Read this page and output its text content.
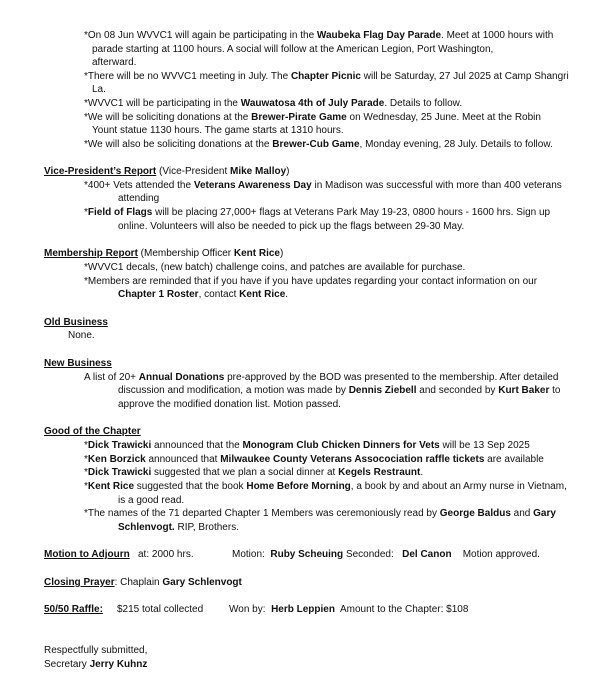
*On 08 Jun WVVC1 will again be participating in the Waubeka Flag Day Parade. Meet at 1000 hours with
parade starting at 1100 hours. A social will follow at the American Legion, Port Washington,
afterward.
*There will be no WVVC1 meeting in July. The Chapter Picnic will be Saturday, 27 Jul 2025 at Camp Shangri
La.
*WVVC1 will be participating in the Wauwatosa 4th of July Parade. Details to follow.
*We will be soliciting donations at the Brewer-Pirate Game on Wednesday, 25 June. Meet at the Robin
Yount statue 1130 hours. The game starts at 1310 hours.
*We will also be soliciting donations at the Brewer-Cub Game, Monday evening, 28 July. Details to follow.
Vice-President’s Report (Vice-President Mike Malloy)
*400+ Vets attended the Veterans Awareness Day in Madison was successful with more than 400 veterans
attending
*Field of Flags will be placing 27,000+ flags at Veterans Park May 19-23, 0800 hours - 1600 hrs. Sign up
online. Volunteers will also be needed to pick up the flags between 29-30 May.
Membership Report (Membership Officer Kent Rice)
*WVVC1 decals, (new batch) challenge coins, and patches are available for purchase.
*Members are reminded that if you have if you have updates regarding your contact information on our
Chapter 1 Roster, contact Kent Rice.
Old Business
None.
New Business
A list of 20+ Annual Donations pre-approved by the BOD was presented to the membership. After detailed
discussion and modification, a motion was made by Dennis Ziebell and seconded by Kurt Baker to
approve the modified donation list. Motion passed.
Good of the Chapter
*Dick Trawicki announced that the Monogram Club Chicken Dinners for Vets will be 13 Sep 2025
*Ken Borzick announced that Milwaukee County Veterans Assocociation raffle tickets are available
*Dick Trawicki suggested that we plan a social dinner at Kegels Restraunt.
*Kent Rice suggested that the book Home Before Morning, a book by and about an Army nurse in Vietnam,
is a good read.
*The names of the 71 departed Chapter 1 Members was ceremoniously read by George Baldus and Gary
Schlenvogt. RIP, Brothers.
Motion to Adjourn at: 2000 hrs.	Motion: Ruby Scheuing Seconded: Del Canon Motion approved.
Closing Prayer: Chaplain Gary Schlenvogt
50/50 Raffle: $215 total collected	Won by: Herb Leppien Amount to the Chapter: $108
Respectfully submitted,
Secretary Jerry Kuhnz
